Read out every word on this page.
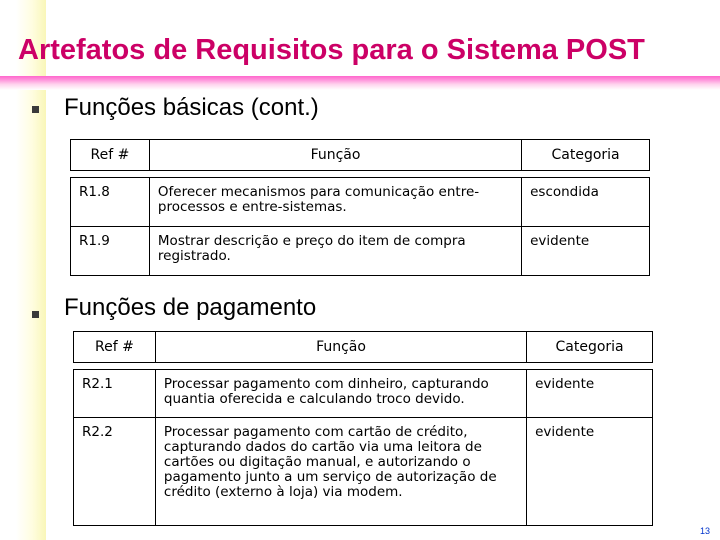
Artefatos de Requisitos para o Sistema POST
Funções básicas (cont.)
Ref #	Função	Categoria

R1.8	Oferecer mecanismos para comunicação entre-processos e entre-sistemas.	escondida
R1.9	Mostrar descrição e preço do item de compra registrado.	evidente
Funções de pagamento
Ref #	Função	Categoria

R2.1	Processar pagamento com dinheiro, capturando quantia oferecida e calculando troco devido.	evidente
R2.2	Processar pagamento com cartão de crédito, capturando dados do cartão via uma leitora de cartões ou digitação manual, e autorizando o pagamento junto a um serviço de autorização de crédito (externo à loja) via modem.	evidente
13
